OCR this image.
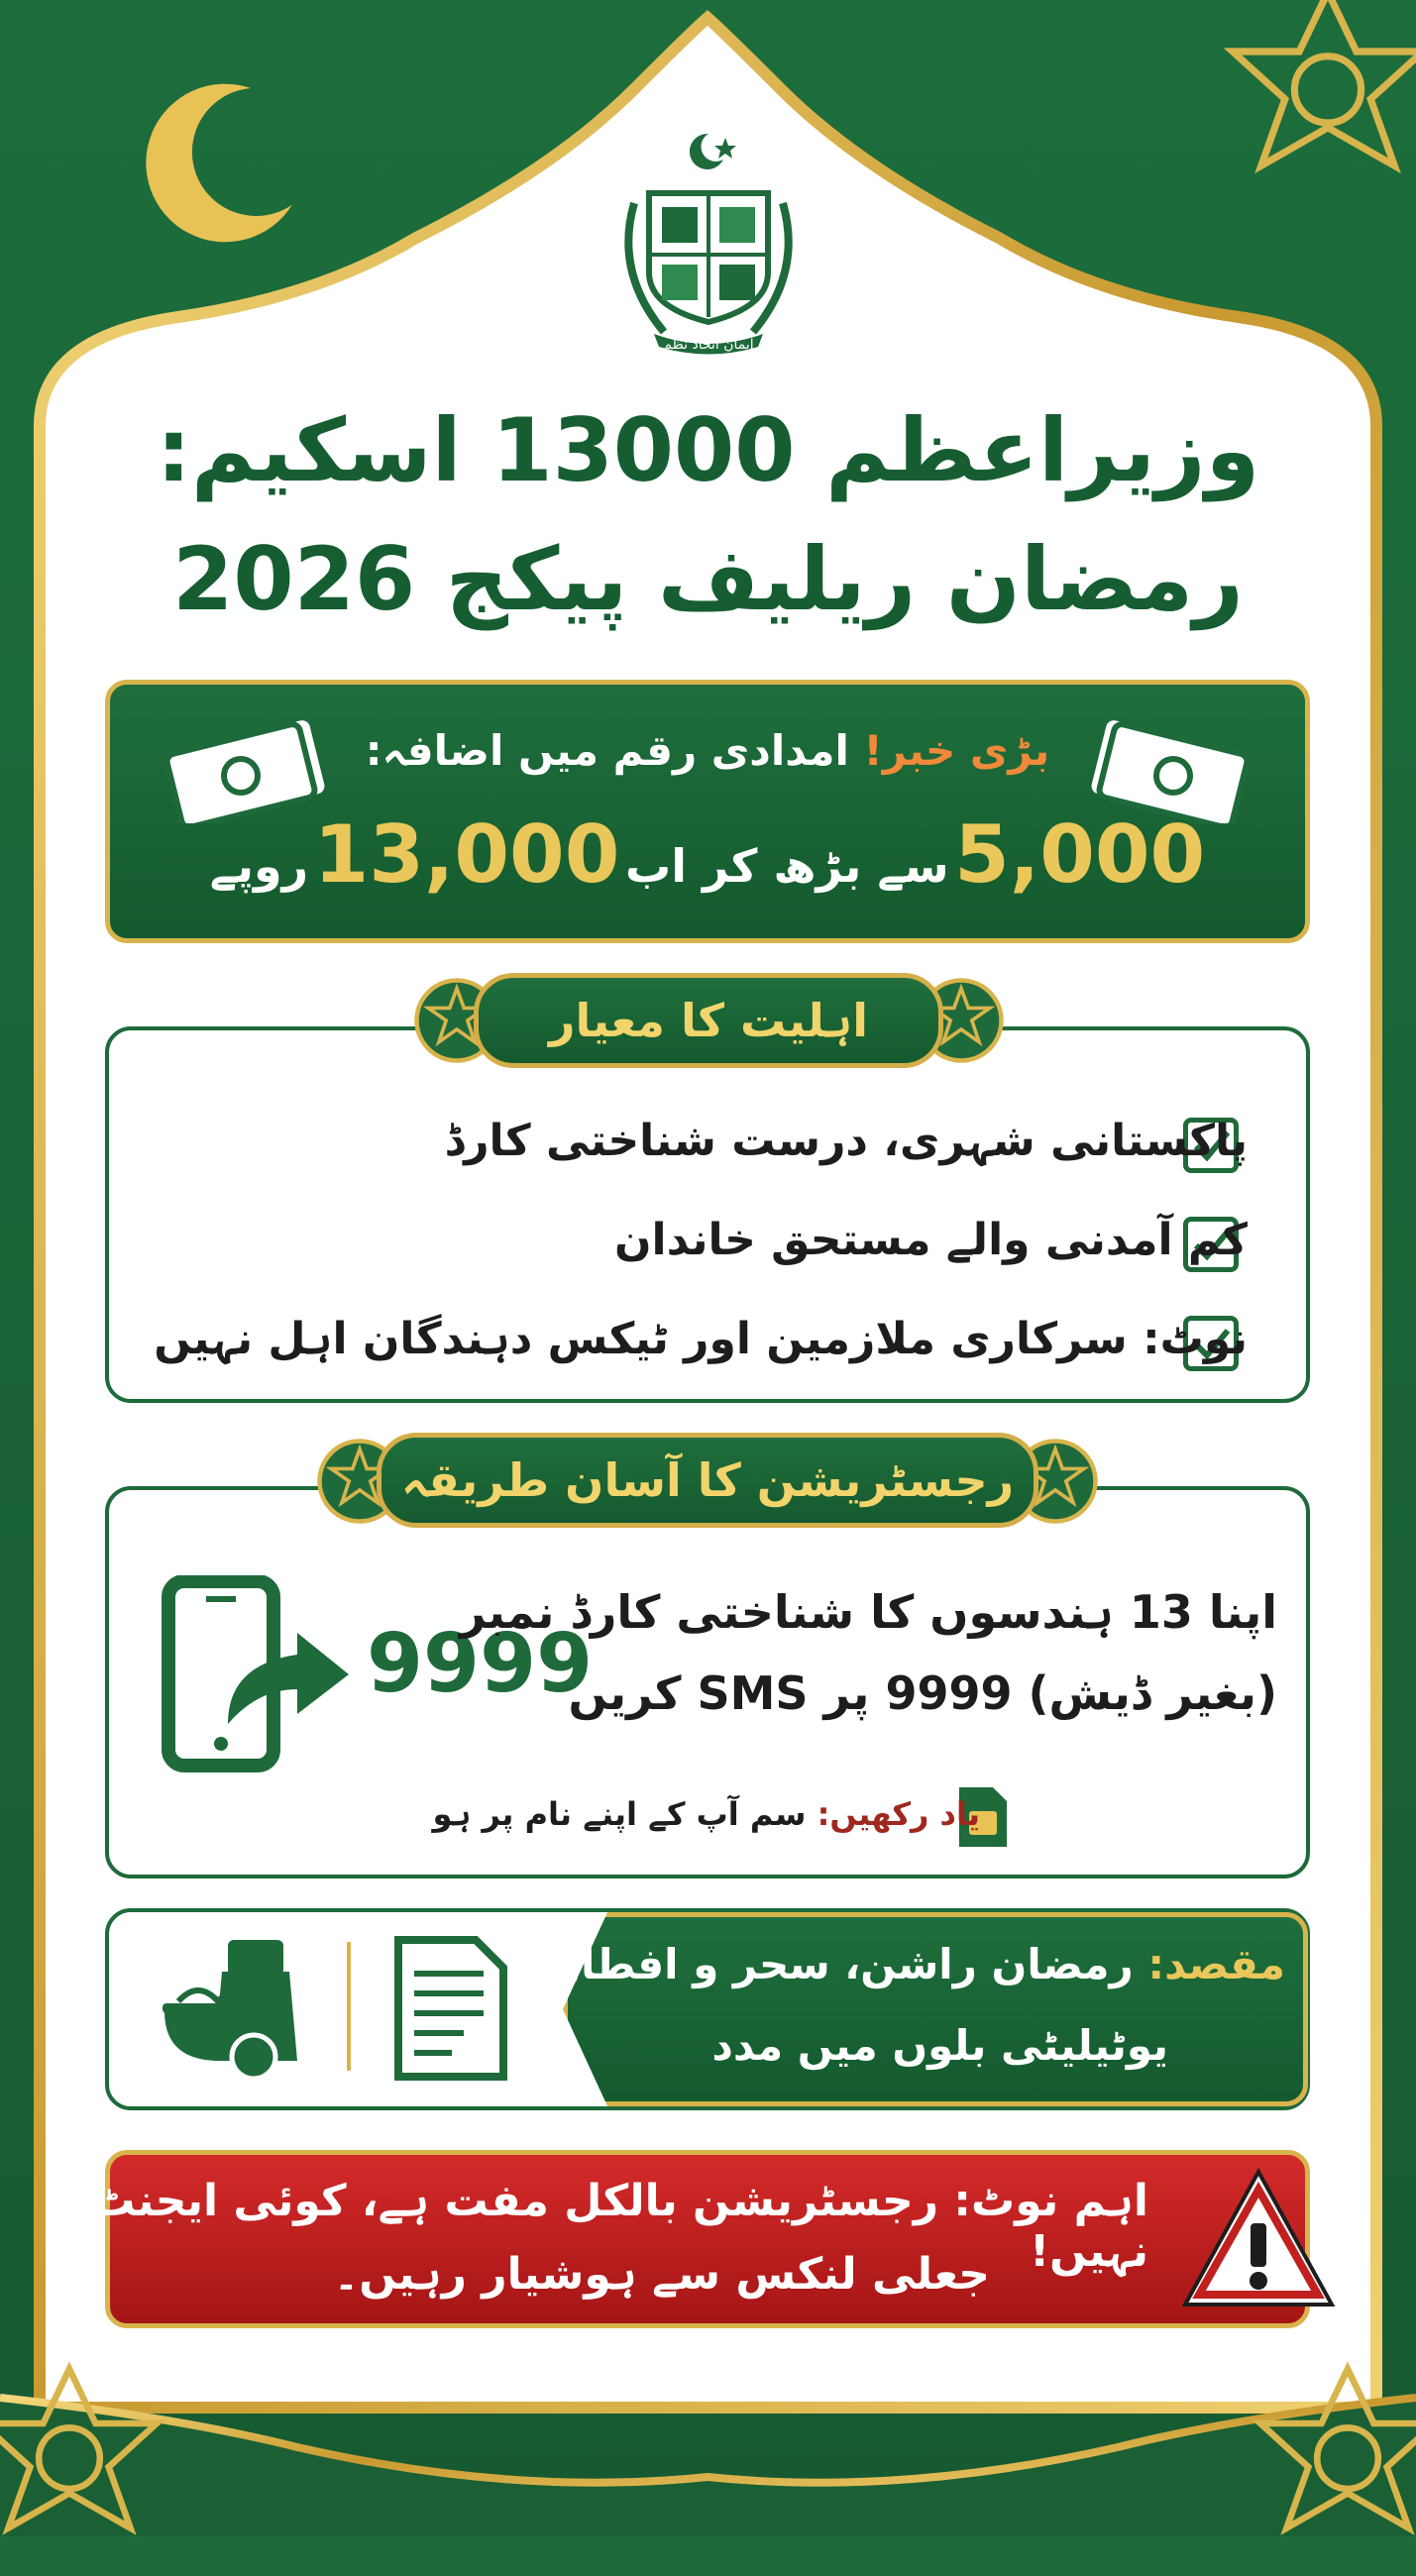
ایمان اتحاد نظم
وزیراعظم 13000 اسکیم:
رمضان ریلیف پیکج 2026
بڑی خبر! امدادی رقم میں اضافہ:
5,000 سے بڑھ کر اب 13,000 روپے
اہلیت کا معیار
پاکستانی شہری، درست شناختی کارڈ
کم آمدنی والے مستحق خاندان
نوٹ: سرکاری ملازمین اور ٹیکس دہندگان اہل نہیں
رجسٹریشن کا آسان طریقہ
9999
اپنا 13 ہندسوں کا شناختی کارڈ نمبر
(بغیر ڈیش) 9999 پر SMS کریں
یاد رکھیں: سم آپ کے اپنے نام پر ہو
مقصد: رمضان راشن، سحر و افطار،
یوٹیلیٹی بلوں میں مدد
اہم نوٹ: رجسٹریشن بالکل مفت ہے، کوئی ایجنٹ نہیں!
جعلی لنکس سے ہوشیار رہیں۔
